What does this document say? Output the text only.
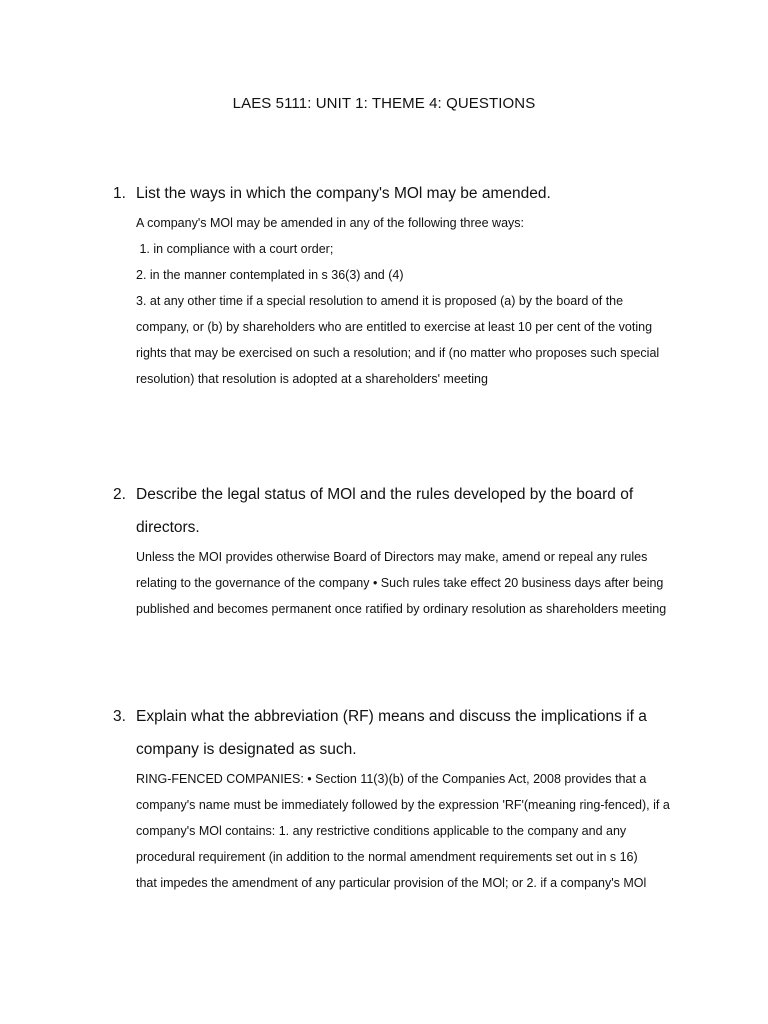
LAES 5111: UNIT 1: THEME 4: QUESTIONS
1. List the ways in which the company's MOl may be amended.
A company's MOl may be amended in any of the following three ways:
1. in compliance with a court order;
2. in the manner contemplated in s 36(3) and (4)
3. at any other time if a special resolution to amend it is proposed (a) by the board of the
company, or (b) by shareholders who are entitled to exercise at least 10 per cent of the voting
rights that may be exercised on such a resolution; and if (no matter who proposes such special
resolution) that resolution is adopted at a shareholders' meeting
2. Describe the legal status of MOl and the rules developed by the board of
directors.
Unless the MOI provides otherwise Board of Directors may make, amend or repeal any rules
relating to the governance of the company • Such rules take effect 20 business days after being
published and becomes permanent once ratified by ordinary resolution as shareholders meeting
3. Explain what the abbreviation (RF) means and discuss the implications if a
company is designated as such.
RING-FENCED COMPANIES: • Section 11(3)(b) of the Companies Act, 2008 provides that a
company's name must be immediately followed by the expression 'RF'(meaning ring-fenced), if a
company's MOl contains: 1. any restrictive conditions applicable to the company and any
procedural requirement (in addition to the normal amendment requirements set out in s 16)
that impedes the amendment of any particular provision of the MOl; or 2. if a company's MOl
